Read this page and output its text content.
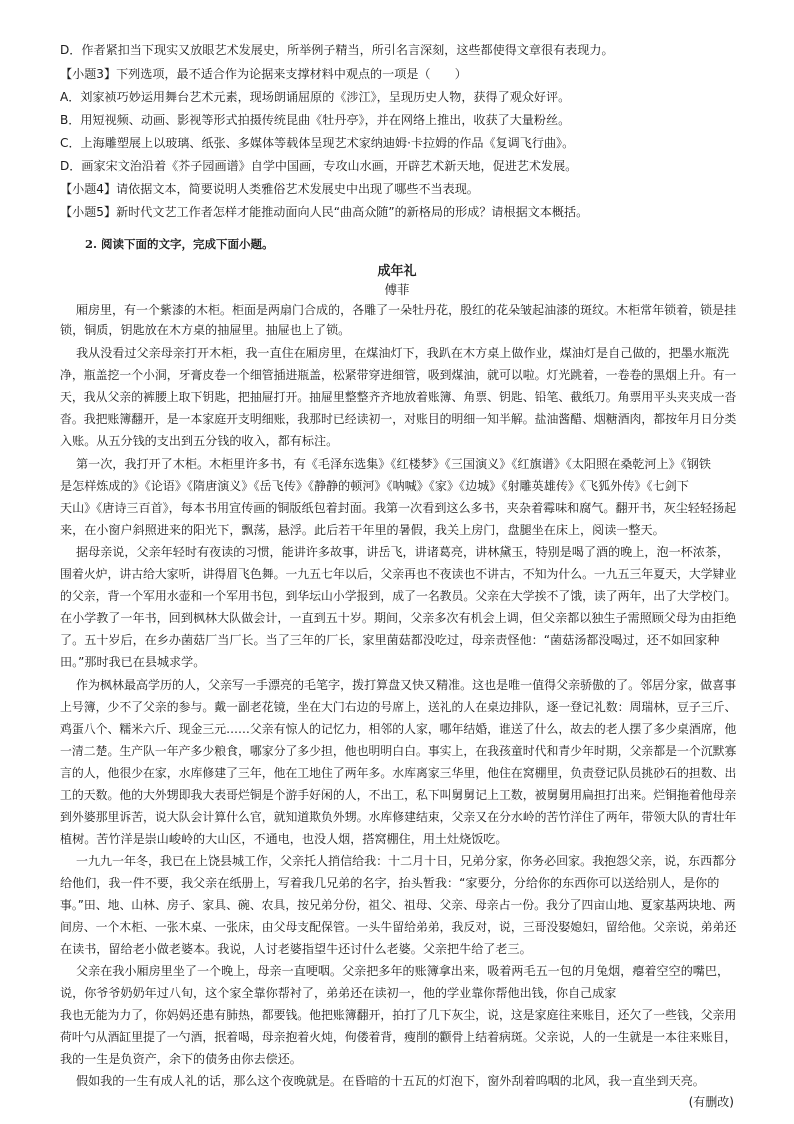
D．作者紧扣当下现实又放眼艺术发展史，所举例子精当，所引名言深刻，这些都使得文章很有表现力。
【小题3】下列选项，最不适合作为论据来支撑材料中观点的一项是（　　）
A．刘家祯巧妙运用舞台艺术元素，现场朗诵屈原的《涉江》，呈现历史人物，获得了观众好评。
B．用短视频、动画、影视等形式拍摄传统昆曲《牡丹亭》，并在网络上推出，收获了大量粉丝。
C．上海雕塑展上以玻璃、纸张、多媒体等载体呈现艺术家纳迪姆·卡拉姆的作品《复调飞行曲》。
D．画家宋文治沿着《芥子园画谱》自学中国画，专攻山水画，开辟艺术新天地，促进艺术发展。
【小题4】请依据文本，简要说明人类雅俗艺术发展史中出现了哪些不当表现。
【小题5】新时代文艺工作者怎样才能推动面向人民“曲高众随”的新格局的形成？请根据文本概括。
2. 阅读下面的文字，完成下面小题。
成年礼
傅菲
厢房里，有一个紫漆的木柜。柜面是两扇门合成的，各雕了一朵牡丹花，殷红的花朵皱起油漆的斑纹。木柜常年锁着，锁是挂
锁，铜质，钥匙放在木方桌的抽屉里。抽屉也上了锁。
我从没看过父亲母亲打开木柜，我一直住在厢房里，在煤油灯下，我趴在木方桌上做作业，煤油灯是自己做的，把墨水瓶洗
净，瓶盖挖一个小洞，牙膏皮卷一个细管插进瓶盖，松紧带穿进细管，吸到煤油，就可以啦。灯光跳着，一卷卷的黑烟上升。有一
天，我从父亲的裤腰上取下钥匙，把抽屉打开。抽屉里整整齐齐地放着账簿、角票、钥匙、铅笔、截纸刀。角票用平头夹夹成一沓
沓。我把账簿翻开，是一本家庭开支明细账，我那时已经读初一，对账目的明细一知半解。盐油酱醋、烟糖酒肉，都按年月日分类
入账。从五分钱的支出到五分钱的收入，都有标注。
第一次，我打开了木柜。木柜里许多书，有《毛泽东选集》《红楼梦》《三国演义》《红旗谱》《太阳照在桑乾河上》《钢铁
是怎样炼成的》《论语》《隋唐演义》《岳飞传》《静静的顿河》《呐喊》《家》《边城》《射雕英雄传》《飞狐外传》《七剑下
天山》《唐诗三百首》，每本书用宣传画的铜版纸包着封面。我第一次看到这么多书，夹杂着霉味和腐气。翻开书，灰尘轻轻扬起
来，在小窗户斜照进来的阳光下，飘荡，悬浮。此后若干年里的暑假，我关上房门，盘腿坐在床上，阅读一整天。
据母亲说，父亲年轻时有夜读的习惯，能讲许多故事，讲岳飞，讲诸葛亮，讲林黛玉，特别是喝了酒的晚上，泡一杯浓茶，
围着火炉，讲古给大家听，讲得眉飞色舞。一九五七年以后，父亲再也不夜读也不讲古，不知为什么。一九五三年夏天，大学肄业
的父亲，背一个军用水壶和一个军用书包，到华坛山小学报到，成了一名教员。父亲在大学挨不了饿，读了两年，出了大学校门。
在小学教了一年书，回到枫林大队做会计，一直到五十岁。期间，父亲多次有机会上调，但父亲都以独生子需照顾父母为由拒绝
了。五十岁后，在乡办菌菇厂当厂长。当了三年的厂长，家里菌菇都没吃过，母亲责怪他：“菌菇汤都没喝过，还不如回家种
田。”那时我已在县城求学。
作为枫林最高学历的人，父亲写一手漂亮的毛笔字，拨打算盘又快又精准。这也是唯一值得父亲骄傲的了。邻居分家，做喜事
上号簿，少不了父亲的参与。戴一副老花镜，坐在大门右边的号席上，送礼的人在桌边排队，逐一登记礼数：周瑞林，豆子三斤、
鸡蛋八个、糯米六斤、现金三元……父亲有惊人的记忆力，相邻的人家，哪年结婚，谁送了什么，故去的老人摆了多少桌酒席，他
一清二楚。生产队一年产多少粮食，哪家分了多少担，他也明明白白。事实上，在我孩童时代和青少年时期，父亲都是一个沉默寡
言的人，他很少在家，水库修建了三年，他在工地住了两年多。水库离家三华里，他住在窝棚里，负责登记队员挑砂石的担数、出
工的天数。他的大外甥即我大表哥烂铜是个游手好闲的人，不出工，私下叫舅舅记上工数，被舅舅用扁担打出来。烂铜拖着他母亲
到外婆那里诉苦，说大队会计算什么官，就知道欺负外甥。水库修建结束，父亲又在分水岭的苦竹洋住了两年，带领大队的青壮年
植树。苦竹洋是崇山峻岭的大山区，不通电，也没人烟，搭窝棚住，用土灶烧饭吃。
一九九一年冬，我已在上饶县城工作，父亲托人捎信给我：十二月十日，兄弟分家，你务必回家。我抱怨父亲，说，东西都分
给他们，我一件不要，我父亲在纸册上，写着我几兄弟的名字，抬头暂我：“家要分，分给你的东西你可以送给别人，是你的
事。”田、地、山林、房子、家具、碗、农具，按兄弟分份，祖父、祖母、父亲、母亲占一份。我分了四亩山地、夏家基两块地、两
间房、一个木柜、一张木桌、一张床，由父母支配保管。一头牛留给弟弟，我反对，说，三哥没娶媳妇，留给他。父亲说，弟弟还
在读书，留给老小做老婆本。我说，人讨老婆指望牛还讨什么老婆。父亲把牛给了老三。
父亲在我小厢房里坐了一个晚上，母亲一直哽咽。父亲把多年的账簿拿出来，吸着两毛五一包的月兔烟，瘪着空空的嘴巴，
说，你爷爷奶奶年过八旬，这个家全靠你帮衬了，弟弟还在读初一，他的学业靠你帮他出钱，你自己成家
我也无能为力了，你妈妈还患有肺热，都要钱。他把账簿翻开，拍打了几下灰尘，说，这是家庭往来账目，还欠了一些钱，父亲用
荷叶勺从酒缸里提了一勺酒，抿着喝，母亲抱着火炖，佝偻着背，瘦削的颧骨上结着病斑。父亲说，人的一生就是一本往来账目，
我的一生是负资产，余下的债务由你去偿还。
假如我的一生有成人礼的话，那么这个夜晚就是。在昏暗的十五瓦的灯泡下，窗外刮着呜咽的北风，我一直坐到天亮。
(有删改)
